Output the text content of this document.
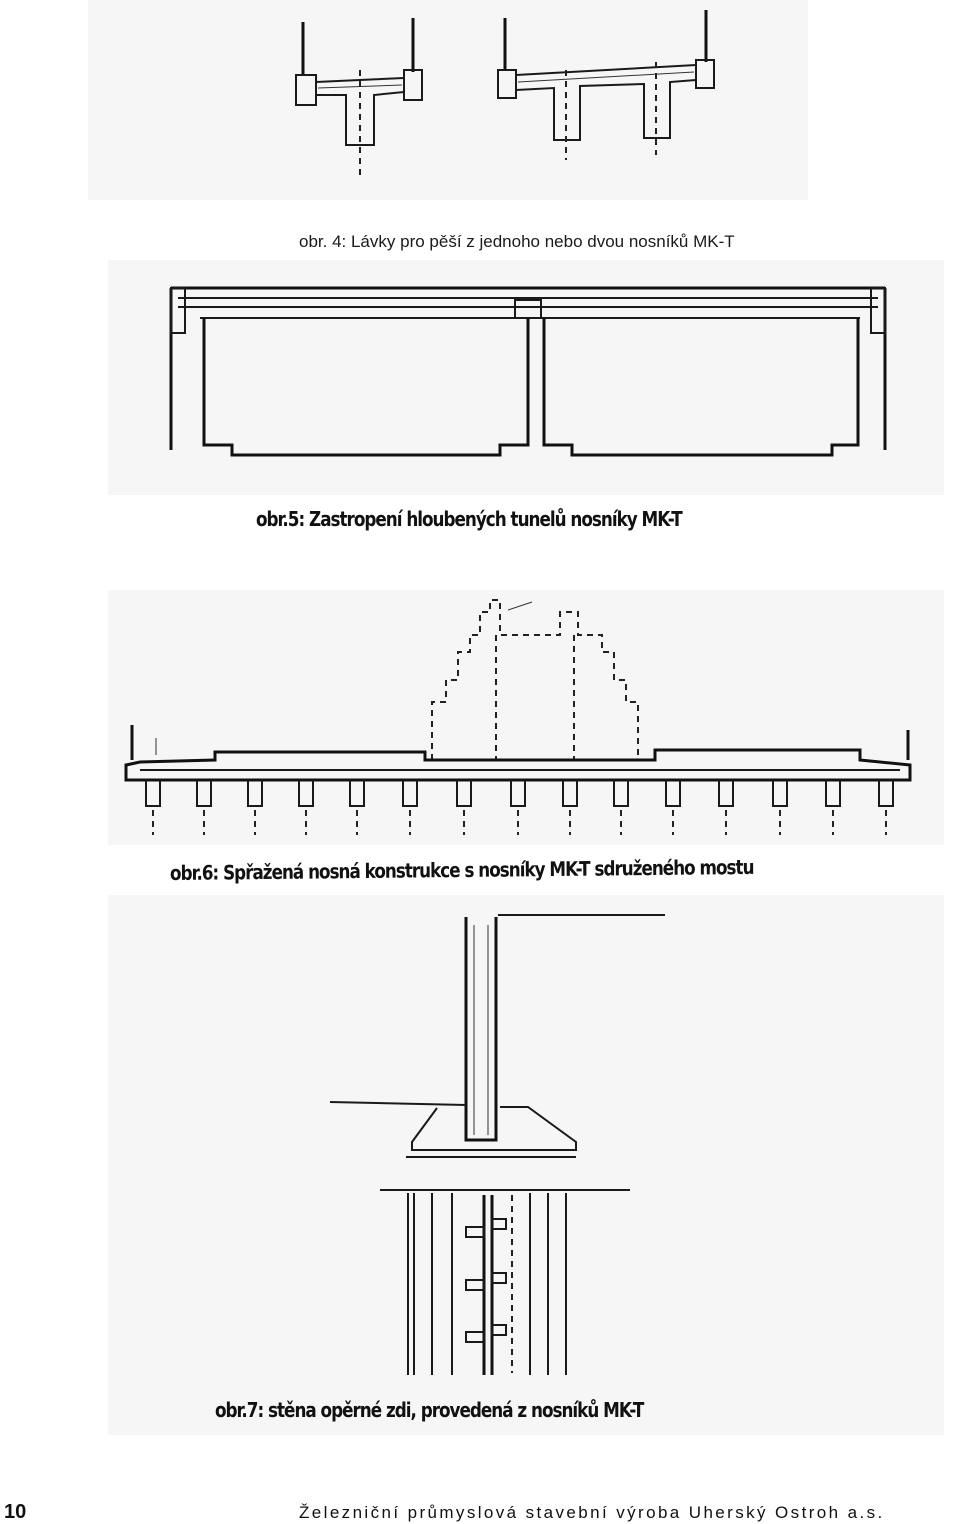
obr. 4: Lávky pro pěší z jednoho nebo dvou nosníků MK-T
obr.5: Zastropení hloubených tunelů nosníky MK-T
obr.6: Spřažená nosná konstrukce s nosníky MK-T sdruženého mostu
obr.7: stěna opěrné zdi, provedená z nosníků MK-T
10	Železniční průmyslová stavební výroba Uherský Ostroh a.s.
